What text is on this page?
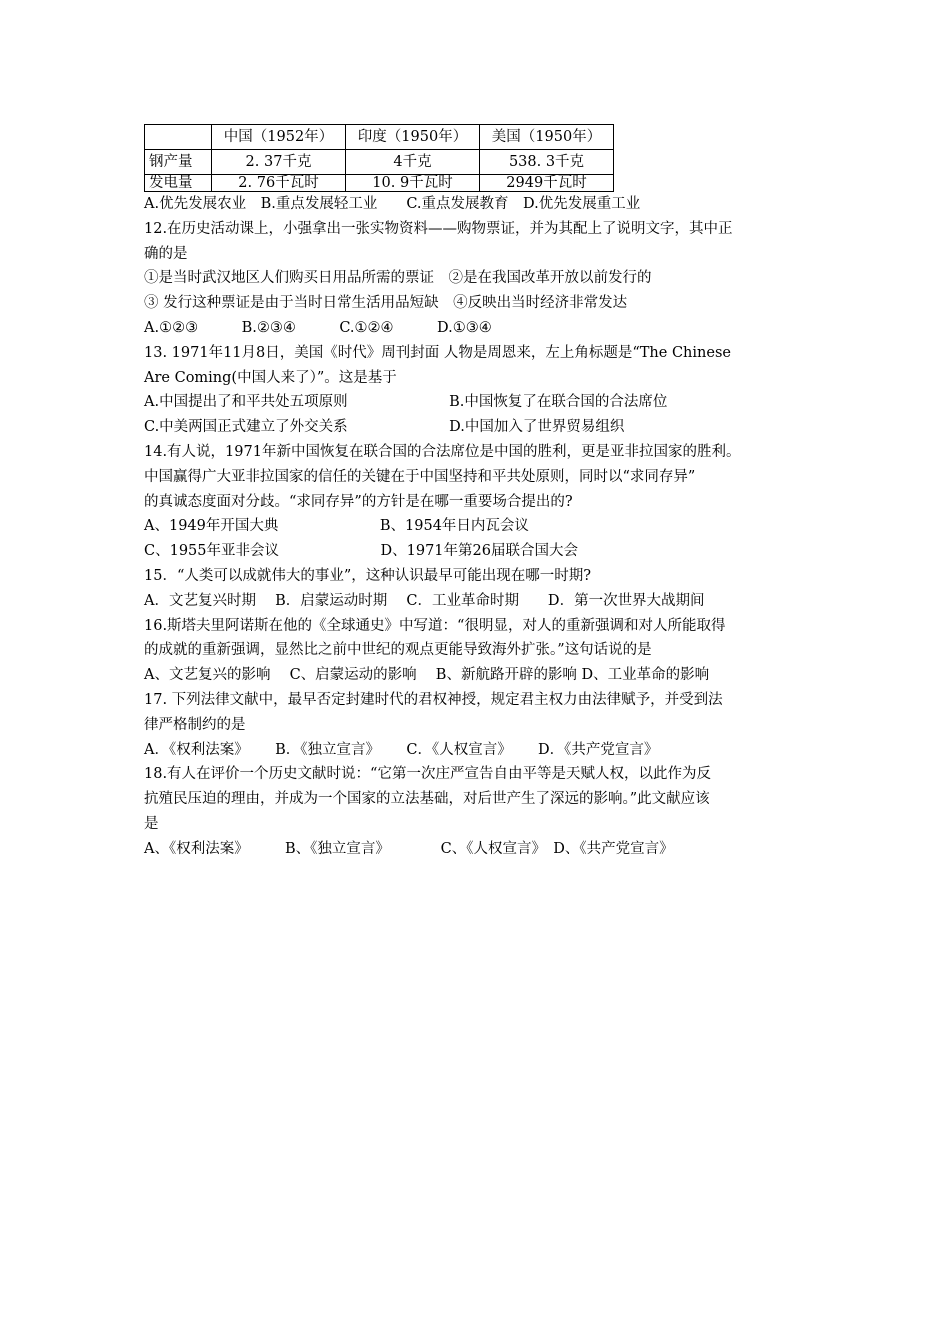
	中国（1952年）	印度（1950年）	美国（1950年）
钢产量	2. 37千克	4千克	538. 3千克
发电量	2. 76千瓦时	10. 9千瓦时	2949千瓦时
A.优先发展农业　B.重点发展轻工业　　C.重点发展教育　D.优先发展重工业
12.在历史活动课上，小强拿出一张实物资料——购物票证，并为其配上了说明文字，其中正
确的是
①是当时武汉地区人们购买日用品所需的票证　②是在我国改革开放以前发行的
③ 发行这种票证是由于当时日常生活用品短缺　④反映出当时经济非常发达
A.①②③　　　B.②③④　　　C.①②④　　　D.①③④
13. 1971年11月8日，美国《时代》周刊封面 人物是周恩来，左上角标题是“The Chinese
Are Coming(中国人来了）”。这是基于
A.中国提出了和平共处五项原则　　　　　　　B.中国恢复了在联合国的合法席位
C.中美两国正式建立了外交关系　　　　　　　D.中国加入了世界贸易组织
14.有人说，1971年新中国恢复在联合国的合法席位是中国的胜利，更是亚非拉国家的胜利。
中国赢得广大亚非拉国家的信任的关键在于中国坚持和平共处原则，同时以“求同存异”
的真诚态度面对分歧。“求同存异”的方针是在哪一重要场合提出的?
A、1949年开国大典　　　　　　　B、1954年日内瓦会议
C、1955年亚非会议　　　　　　　D、1971年第26届联合国大会
15．“人类可以成就伟大的事业”，这种认识最早可能出现在哪一时期?
A．文艺复兴时期　 B．启蒙运动时期　 C．工业革命时期　　D．第一次世界大战期间
16.斯塔夫里阿诺斯在他的《全球通史》中写道：“很明显，对人的重新强调和对人所能取得
的成就的重新强调，显然比之前中世纪的观点更能导致海外扩张。”这句话说的是
A、文艺复兴的影响　 C、启蒙运动的影响　 B、新航路开辟的影响 D、工业革命的影响
17. 下列法律文献中，最早否定封建时代的君权神授，规定君主权力由法律赋予，并受到法
律严格制约的是
A．《权利法案》　　 B．《独立宣言》　　 C．《人权宣言》　　 D．《共产党宣言》
18.有人在评价一个历史文献时说：“它第一次庄严宣告自由平等是天赋人权，以此作为反
抗殖民压迫的理由，并成为一个国家的立法基础，对后世产生了深远的影响。”此文献应该
是
A、《权利法案》　　　B、《独立宣言》　　　　C、《人权宣言》　D、《共产党宣言》
